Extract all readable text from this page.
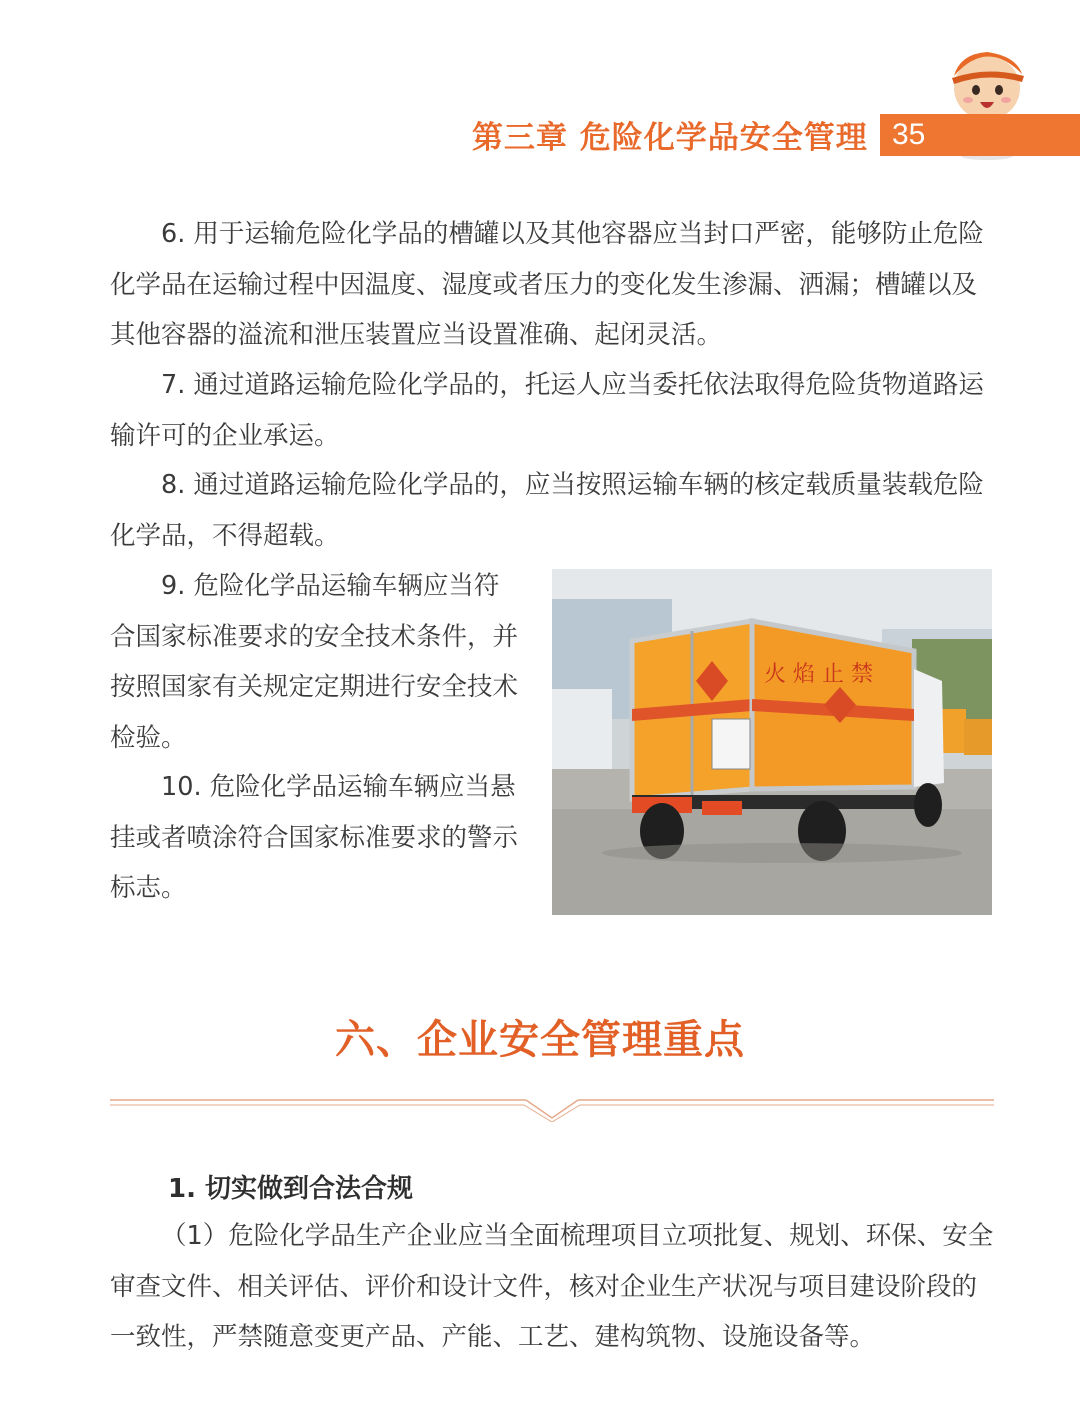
第三章 危险化学品安全管理 35

6. 用于运输危险化学品的槽罐以及其他容器应当封口严密，能够防止危险化学品在运输过程中因温度、湿度或者压力的变化发生渗漏、洒漏；槽罐以及其他容器的溢流和泄压装置应当设置准确、起闭灵活。

7. 通过道路运输危险化学品的，托运人应当委托依法取得危险货物道路运输许可的企业承运。

8. 通过道路运输危险化学品的，应当按照运输车辆的核定载质量装载危险化学品，不得超载。

9. 危险化学品运输车辆应当符合国家标准要求的安全技术条件，并按照国家有关规定定期进行安全技术检验。

10. 危险化学品运输车辆应当悬挂或者喷涂符合国家标准要求的警示标志。

火 焰 止 禁
六、企业安全管理重点
1. 切实做到合法合规

（1）危险化学品生产企业应当全面梳理项目立项批复、规划、环保、安全审查文件、相关评估、评价和设计文件，核对企业生产状况与项目建设阶段的一致性，严禁随意变更产品、产能、工艺、建构筑物、设施设备等。
